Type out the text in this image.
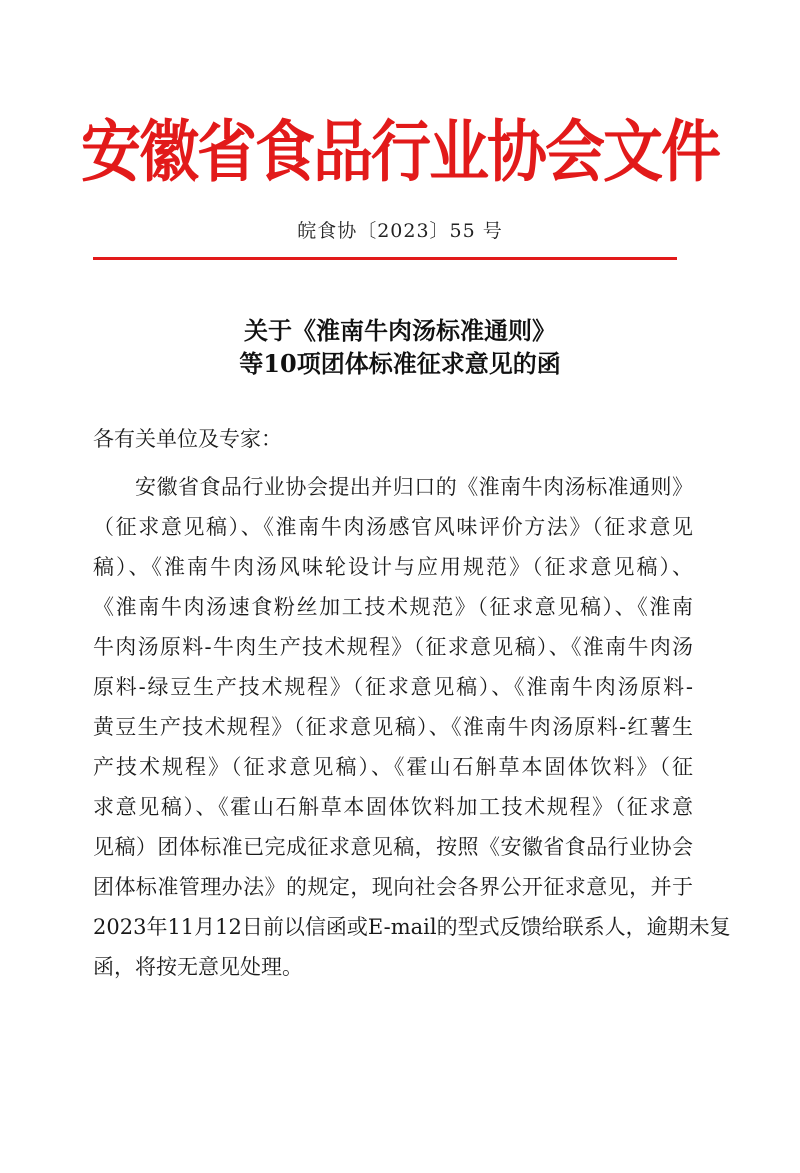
安徽省食品行业协会文件
皖食协〔2023〕55 号
关于《淮南牛肉汤标准通则》
等10项团体标准征求意见的函
各有关单位及专家：
安徽省食品行业协会提出并归口的《淮南牛肉汤标准通则》
（征求意见稿）、《淮南牛肉汤感官风味评价方法》（征求意见
稿）、《淮南牛肉汤风味轮设计与应用规范》（征求意见稿）、
《淮南牛肉汤速食粉丝加工技术规范》（征求意见稿）、《淮南
牛肉汤原料-牛肉生产技术规程》（征求意见稿）、《淮南牛肉汤
原料-绿豆生产技术规程》（征求意见稿）、《淮南牛肉汤原料-
黄豆生产技术规程》（征求意见稿）、《淮南牛肉汤原料-红薯生
产技术规程》（征求意见稿）、《霍山石斛草本固体饮料》（征
求意见稿）、《霍山石斛草本固体饮料加工技术规程》（征求意
见稿）团体标准已完成征求意见稿，按照《安徽省食品行业协会
团体标准管理办法》的规定，现向社会各界公开征求意见，并于
2023年11月12日前以信函或E-mail的型式反馈给联系人，逾期未复
函，将按无意见处理。
